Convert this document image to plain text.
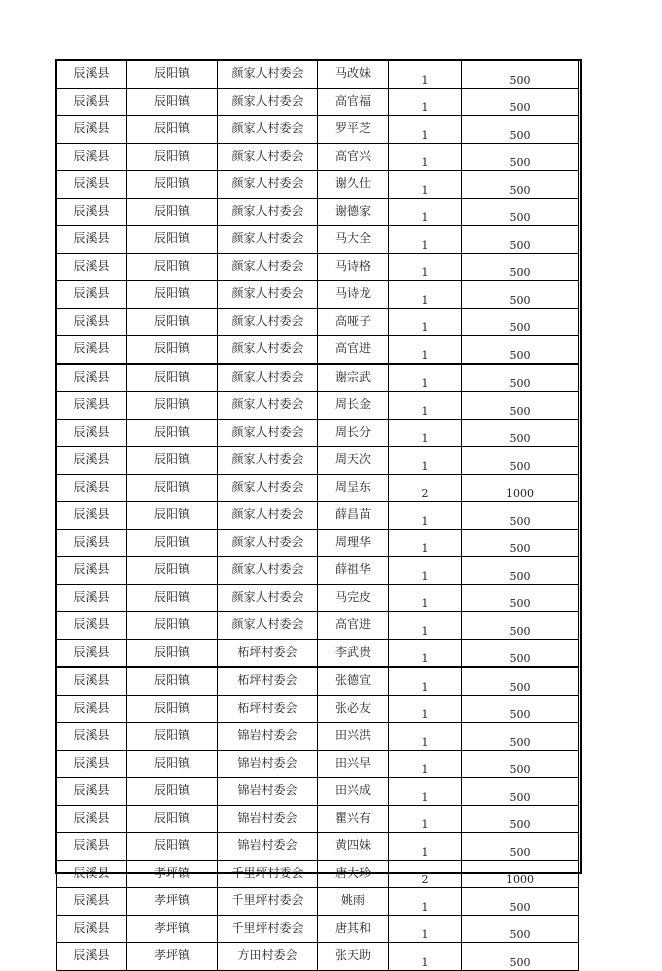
辰溪县	辰阳镇	颜家人村委会	马改妹	1	500
辰溪县	辰阳镇	颜家人村委会	高官福	1	500
辰溪县	辰阳镇	颜家人村委会	罗平芝	1	500
辰溪县	辰阳镇	颜家人村委会	高官兴	1	500
辰溪县	辰阳镇	颜家人村委会	谢久仕	1	500
辰溪县	辰阳镇	颜家人村委会	谢德家	1	500
辰溪县	辰阳镇	颜家人村委会	马大全	1	500
辰溪县	辰阳镇	颜家人村委会	马诗格	1	500
辰溪县	辰阳镇	颜家人村委会	马诗龙	1	500
辰溪县	辰阳镇	颜家人村委会	高哑子	1	500
辰溪县	辰阳镇	颜家人村委会	高官进	1	500
辰溪县	辰阳镇	颜家人村委会	谢宗武	1	500
辰溪县	辰阳镇	颜家人村委会	周长金	1	500
辰溪县	辰阳镇	颜家人村委会	周长分	1	500
辰溪县	辰阳镇	颜家人村委会	周天次	1	500
辰溪县	辰阳镇	颜家人村委会	周呈东	2	1000
辰溪县	辰阳镇	颜家人村委会	薛昌苗	1	500
辰溪县	辰阳镇	颜家人村委会	周理华	1	500
辰溪县	辰阳镇	颜家人村委会	薛祖华	1	500
辰溪县	辰阳镇	颜家人村委会	马完皮	1	500
辰溪县	辰阳镇	颜家人村委会	高官进	1	500
辰溪县	辰阳镇	柘坪村委会	李武贵	1	500
辰溪县	辰阳镇	柘坪村委会	张德宣	1	500
辰溪县	辰阳镇	柘坪村委会	张必友	1	500
辰溪县	辰阳镇	锦岩村委会	田兴洪	1	500
辰溪县	辰阳镇	锦岩村委会	田兴早	1	500
辰溪县	辰阳镇	锦岩村委会	田兴成	1	500
辰溪县	辰阳镇	锦岩村委会	瞿兴有	1	500
辰溪县	辰阳镇	锦岩村委会	黄四妹	1	500
辰溪县	孝坪镇	千里坪村委会	唐大珍	2	1000
辰溪县	孝坪镇	千里坪村委会	姚雨	1	500
辰溪县	孝坪镇	千里坪村委会	唐其和	1	500
辰溪县	孝坪镇	方田村委会	张天助	1	500
